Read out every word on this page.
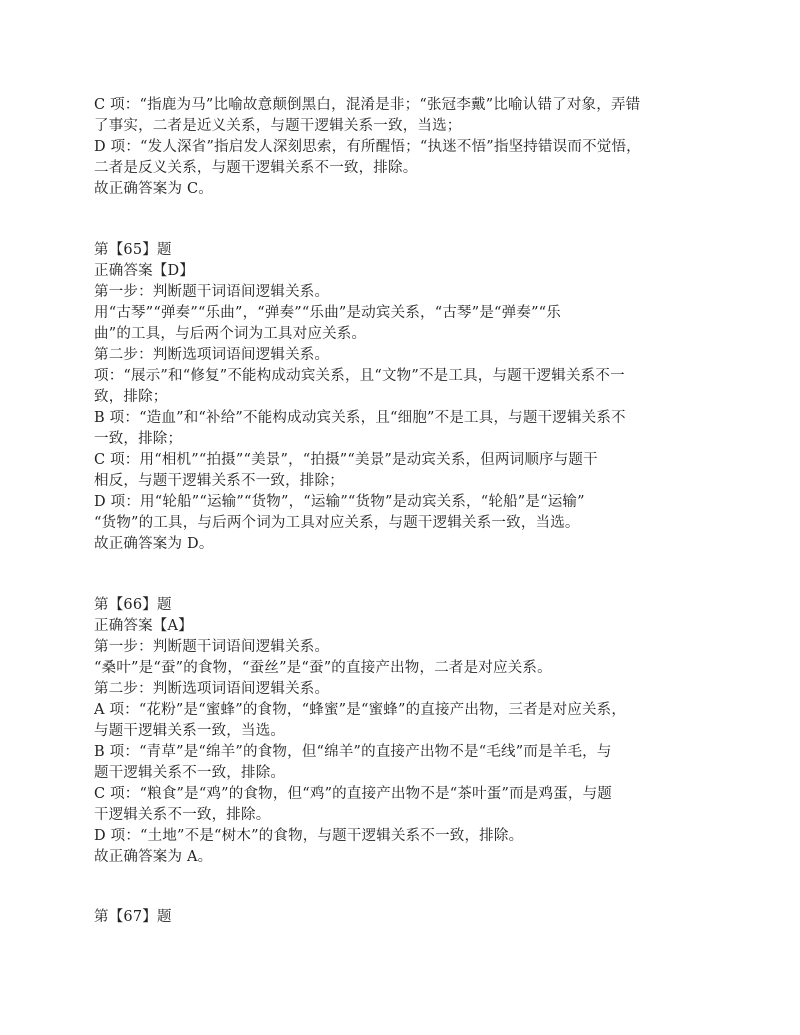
C 项：“指鹿为马”比喻故意颠倒黑白，混淆是非；“张冠李戴”比喻认错了对象，弄错
了事实，二者是近义关系，与题干逻辑关系一致，当选；
D 项：“发人深省”指启发人深刻思索，有所醒悟；“执迷不悟”指坚持错误而不觉悟，
二者是反义关系，与题干逻辑关系不一致，排除。
故正确答案为 C。
第【65】题
正确答案【D】
第一步：判断题干词语间逻辑关系。
用“古琴”“弹奏”“乐曲”，“弹奏”“乐曲”是动宾关系，“古琴”是“弹奏”“乐
曲”的工具，与后两个词为工具对应关系。
第二步：判断选项词语间逻辑关系。
项：“展示”和“修复”不能构成动宾关系，且“文物”不是工具，与题干逻辑关系不一
致，排除；
B 项：“造血”和“补给”不能构成动宾关系，且“细胞”不是工具，与题干逻辑关系不
一致，排除；
C 项：用“相机”“拍摄”“美景”，“拍摄”“美景”是动宾关系，但两词顺序与题干
相反，与题干逻辑关系不一致，排除；
D 项：用“轮船”“运输”“货物”，“运输”“货物”是动宾关系，“轮船”是“运输”
“货物”的工具，与后两个词为工具对应关系，与题干逻辑关系一致，当选。
故正确答案为 D。
第【66】题
正确答案【A】
第一步：判断题干词语间逻辑关系。
“桑叶”是“蚕”的食物，“蚕丝”是“蚕”的直接产出物，二者是对应关系。
第二步：判断选项词语间逻辑关系。
A 项：“花粉”是“蜜蜂”的食物，“蜂蜜”是“蜜蜂”的直接产出物，三者是对应关系，
与题干逻辑关系一致，当选。
B 项：“青草”是“绵羊”的食物，但“绵羊”的直接产出物不是“毛线”而是羊毛，与
题干逻辑关系不一致，排除。
C 项：“粮食”是“鸡”的食物，但“鸡”的直接产出物不是“茶叶蛋”而是鸡蛋，与题
干逻辑关系不一致，排除。
D 项：“土地”不是“树木”的食物，与题干逻辑关系不一致，排除。
故正确答案为 A。
第【67】题
